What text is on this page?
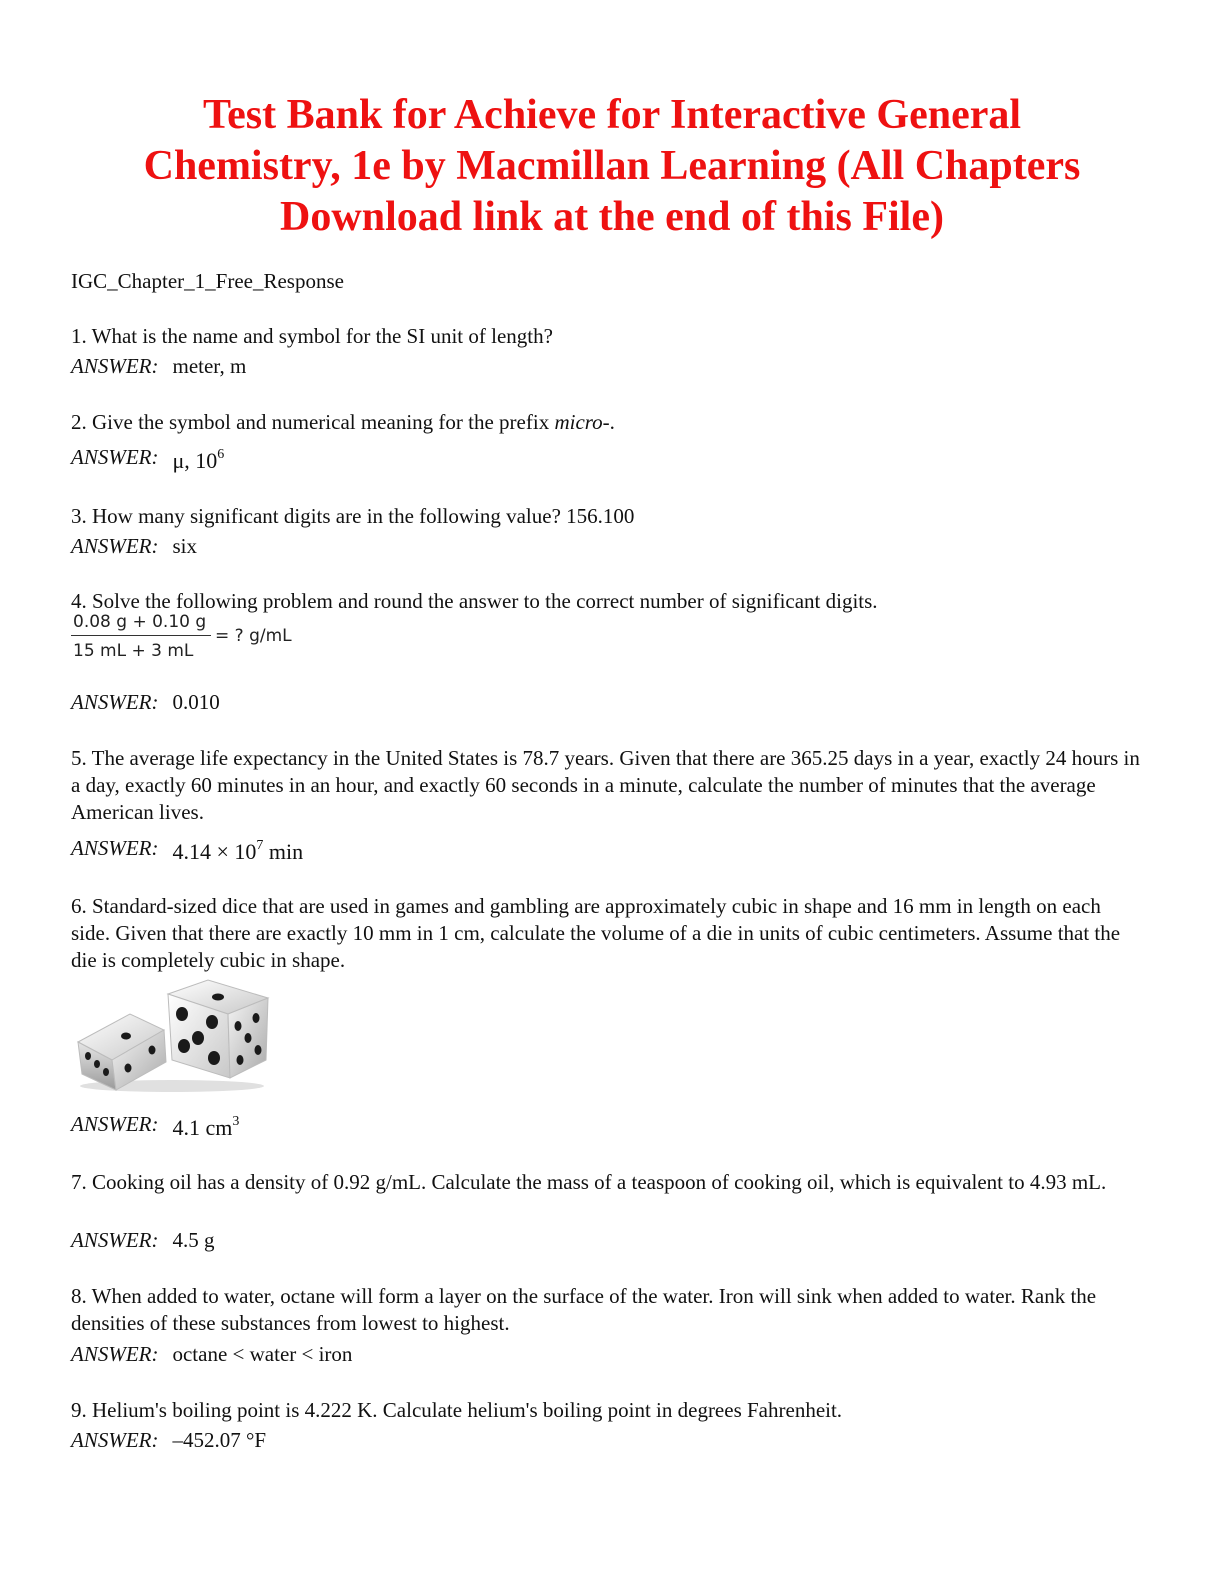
Test Bank for Achieve for Interactive General
Chemistry, 1e by Macmillan Learning (All Chapters
Download link at the end of this File)

IGC_Chapter_1_Free_Response

1. What is the name and symbol for the SI unit of length?

ANSWER: meter, m

2. Give the symbol and numerical meaning for the prefix micro-.

ANSWER: μ, $10^6$

3. How many significant digits are in the following value? 156.100

ANSWER: six

4. Solve the following problem and round the answer to the correct number of significant digits.

$\frac{0.08 g + 0.10 g}{15 mL + 3 mL}$ = ? g/mL

ANSWER: 0.010

5. The average life expectancy in the United States is 78.7 years. Given that there are 365.25 days in a year, exactly 24 hours in a day, exactly 60 minutes in an hour, and exactly 60 seconds in a minute, calculate the number of minutes that the average American lives.

ANSWER: $4.14 \times 10^7$ min

6. Standard-sized dice that are used in games and gambling are approximately cubic in shape and 16 mm in length on each side. Given that there are exactly 10 mm in 1 cm, calculate the volume of a die in units of cubic centimeters. Assume that the die is completely cubic in shape.

ANSWER: 4.1 $cm^3$

7. Cooking oil has a density of 0.92 g/mL. Calculate the mass of a teaspoon of cooking oil, which is equivalent to 4.93 mL.

ANSWER: 4.5 g

8. When added to water, octane will form a layer on the surface of the water. Iron will sink when added to water. Rank the densities of these substances from lowest to highest.

ANSWER: octane < water < iron

9. Helium's boiling point is 4.222 K. Calculate helium's boiling point in degrees Fahrenheit.

ANSWER: –452.07 °F
